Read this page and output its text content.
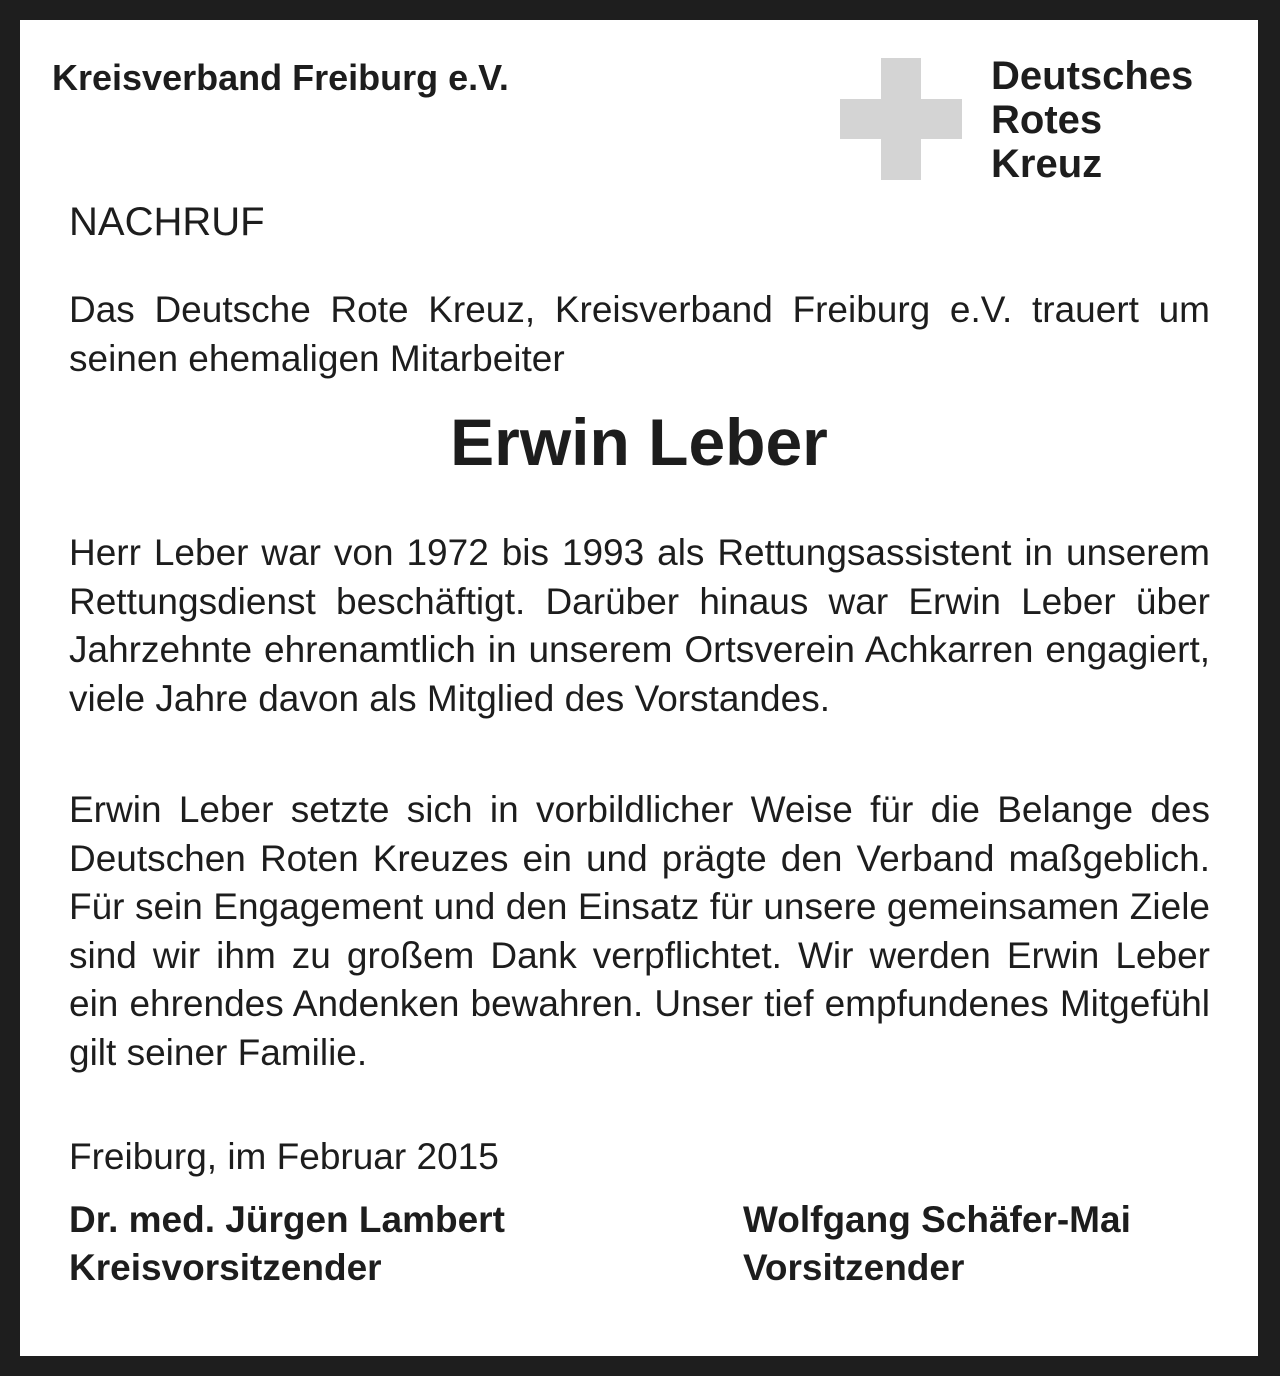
Kreisverband Freiburg e.V.	Deutsches
Rotes
Kreuz
NACHRUF

Das Deutsche Rote Kreuz, Kreisverband Freiburg e.V. trauert um seinen ehemaligen Mitarbeiter

Erwin Leber

Herr Leber war von 1972 bis 1993 als Rettungsassistent in unserem Rettungsdienst beschäftigt. Darüber hinaus war Erwin Leber über Jahrzehnte ehrenamtlich in unserem Ortsverein Achkarren engagiert, viele Jahre davon als Mitglied des Vorstandes.

Erwin Leber setzte sich in vorbildlicher Weise für die Belange des Deutschen Roten Kreuzes ein und prägte den Verband maßgeblich. Für sein Engagement und den Einsatz für unsere gemeinsamen Ziele sind wir ihm zu großem Dank verpflichtet. Wir werden Erwin Leber ein ehrendes Andenken bewahren. Unser tief empfundenes Mitgefühl gilt seiner Familie.

Freiburg, im Februar 2015
Dr. med. Jürgen Lambert
Kreisvorsitzender
Wolfgang Schäfer-Mai
Vorsitzender
